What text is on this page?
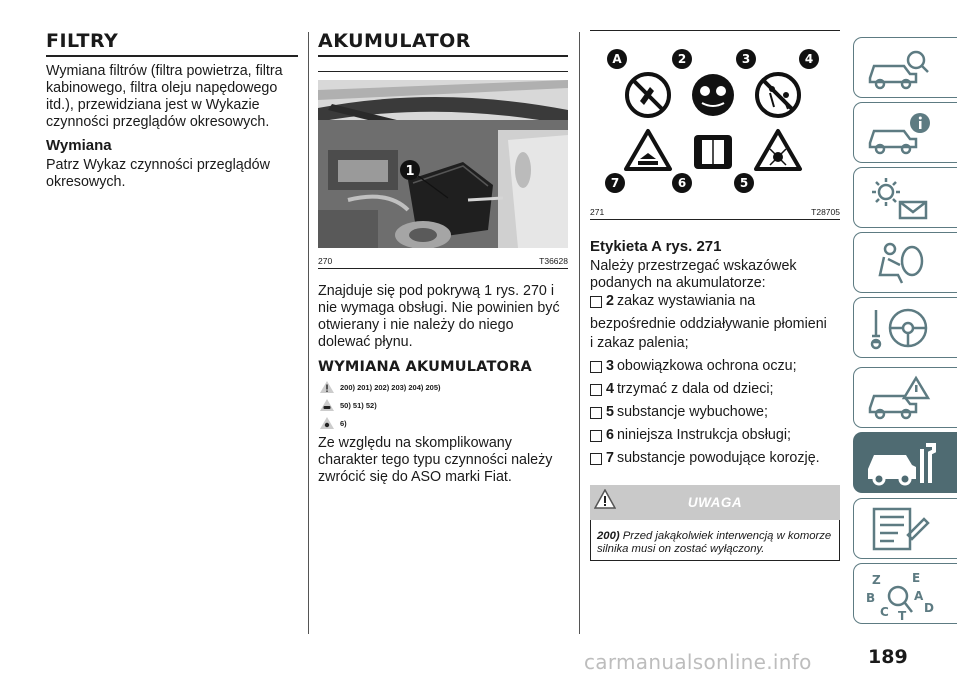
FILTRY

Wymiana filtrów (filtra powietrza, filtra kabinowego, filtra oleju napędowego itd.), przewidziana jest w Wykazie czynności przeglądów okresowych.

Wymiana

Patrz Wykaz czynności przeglądów okresowych.

AKUMULATOR
1
270	T36628

Znajduje się pod pokrywą 1 rys. 270 i nie wymaga obsługi. Nie powinien być otwierany i nie należy do niego dolewać płynu.

WYMIANA AKUMULATORA
200) 201) 202) 203) 204) 205)
50) 51) 52)
6)

Ze względu na skomplikowany charakter tego typu czynności należy zwrócić się do ASO marki Fiat.

A	2	3	4
7	6	5
271	T28705
Etykieta A rys. 271

Należy przestrzegać wskazówek podanych na akumulatorze:

2 zakaz wystawiania na

bezpośrednie oddziaływanie płomieni

i zakaz palenia;

3 obowiązkowa ochrona oczu;
4 trzymać z dala od dzieci;
5 substancje wybuchowe;
6 niniejsza Instrukcja obsługi;
7 substancje powodujące korozję.
UWAGA
200) Przed jakąkolwiek interwencją w komorze silnika musi on zostać wyłączony.
Z	E
B	A
D
C T
189
carmanualsonline.info
